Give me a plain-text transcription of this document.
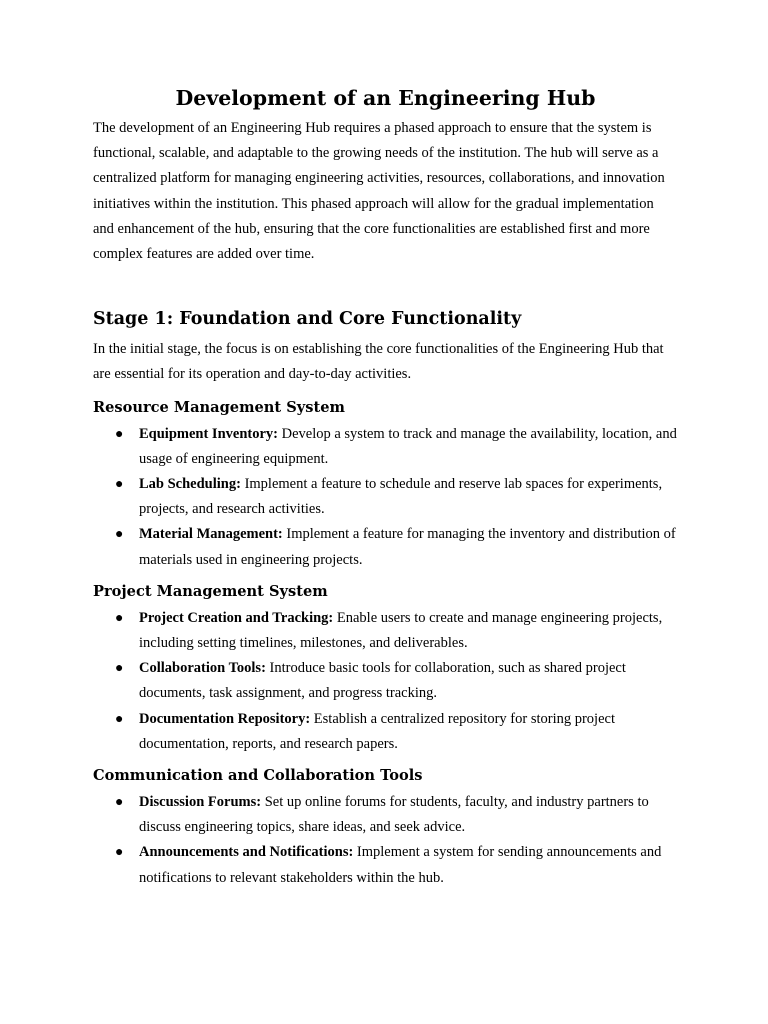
Development of an Engineering Hub

The development of an Engineering Hub requires a phased approach to ensure that the system is functional, scalable, and adaptable to the growing needs of the institution. The hub will serve as a centralized platform for managing engineering activities, resources, collaborations, and innovation initiatives within the institution. This phased approach will allow for the gradual implementation and enhancement of the hub, ensuring that the core functionalities are established first and more complex features are added over time.

Stage 1: Foundation and Core Functionality

In the initial stage, the focus is on establishing the core functionalities of the Engineering Hub that are essential for its operation and day-to-day activities.

Resource Management System
● Equipment Inventory: Develop a system to track and manage the availability, location, and usage of engineering equipment.
● Lab Scheduling: Implement a feature to schedule and reserve lab spaces for experiments, projects, and research activities.
● Material Management: Implement a feature for managing the inventory and distribution of materials used in engineering projects.
Project Management System
● Project Creation and Tracking: Enable users to create and manage engineering projects, including setting timelines, milestones, and deliverables.
● Collaboration Tools: Introduce basic tools for collaboration, such as shared project documents, task assignment, and progress tracking.
● Documentation Repository: Establish a centralized repository for storing project documentation, reports, and research papers.
Communication and Collaboration Tools
● Discussion Forums: Set up online forums for students, faculty, and industry partners to discuss engineering topics, share ideas, and seek advice.
● Announcements and Notifications: Implement a system for sending announcements and notifications to relevant stakeholders within the hub.
